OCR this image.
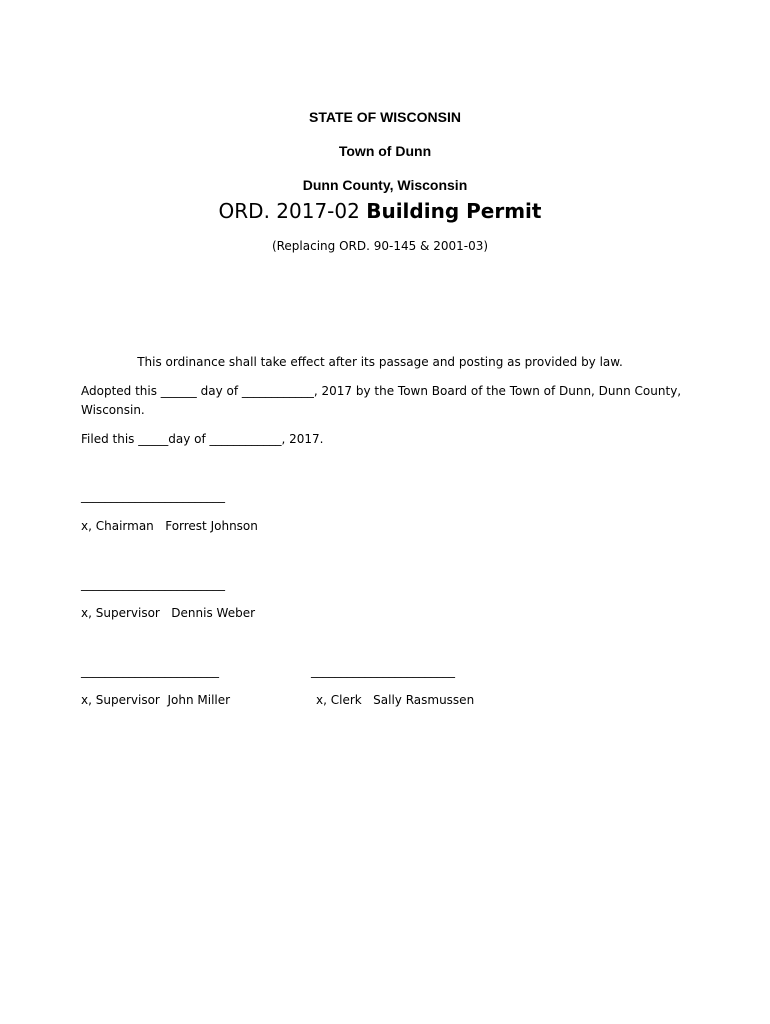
STATE OF WISCONSIN
Town of Dunn
Dunn County, Wisconsin
ORD. 2017-02 Building Permit
(Replacing ORD. 90-145 & 2001-03)
This ordinance shall take effect after its passage and posting as provided by law.
Adopted this ______ day of ____________, 2017 by the Town Board of the Town of Dunn, Dunn County,
Wisconsin.
Filed this _____day of ____________, 2017.
________________________
x, Chairman   Forrest Johnson
________________________
x, Supervisor   Dennis Weber
_______________________
x, Supervisor  John Miller
________________________
x, Clerk   Sally Rasmussen
